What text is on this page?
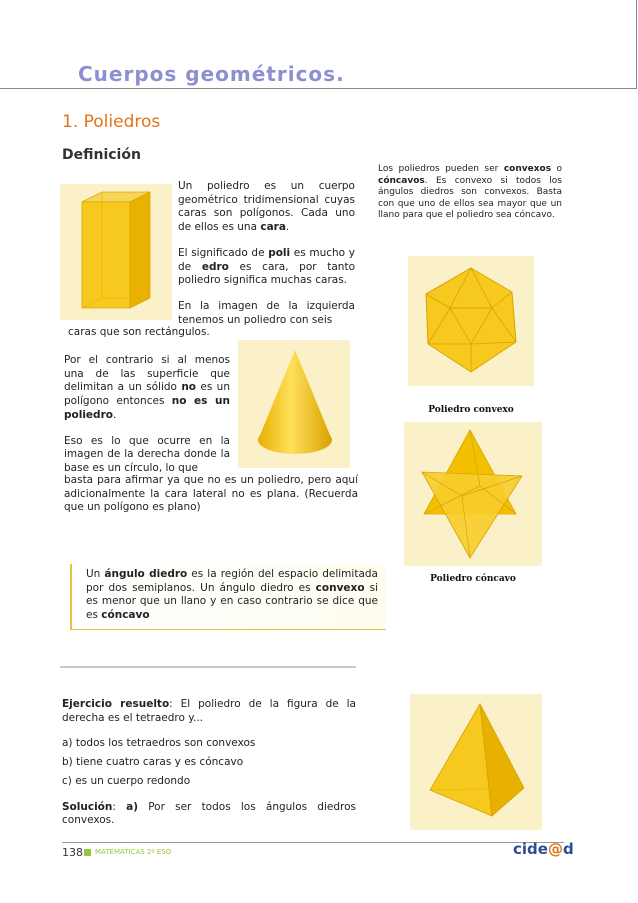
Cuerpos geométricos.
1. Poliedros
Definición

Un poliedro es un cuerpo geométrico tridimensional cuyas caras son polígonos. Cada uno de ellos es una cara.

El significado de poli es mucho y de edro es cara, por tanto poliedro significa muchas caras.

En la imagen de la izquierda tenemos un poliedro con seis

caras que son rectángulos.

Por el contrario si al menos una de las superficie que delimitan a un sólido no es un polígono entonces no es un poliedro.

Eso es lo que ocurre en la imagen de la derecha donde la base es un círculo, lo que

basta para afirmar ya que no es un poliedro, pero aquí adicionalmente la cara lateral no es plana. (Recuerda que un polígono es plano)

Los poliedros pueden ser convexos o cóncavos. Es convexo si todos los ángulos diedros son convexos. Basta con que uno de ellos sea mayor que un llano para que el poliedro sea cóncavo.

Poliedro convexo
Poliedro cóncavo

Un ángulo diedro es la región del espacio delimitada por dos semiplanos. Un ángulo diedro es convexo si es menor que un llano y en caso contrario se dice que es cóncavo

Ejercicio resuelto: El poliedro de la figura de la derecha es el tetraedro y...

a) todos los tetraedros son convexos

b) tiene cuatro caras y es cóncavo

c) es un cuerpo redondo

Solución: a) Por ser todos los ángulos diedros convexos.

138 MATEMÁTICAS 2º ESO	cide@d
